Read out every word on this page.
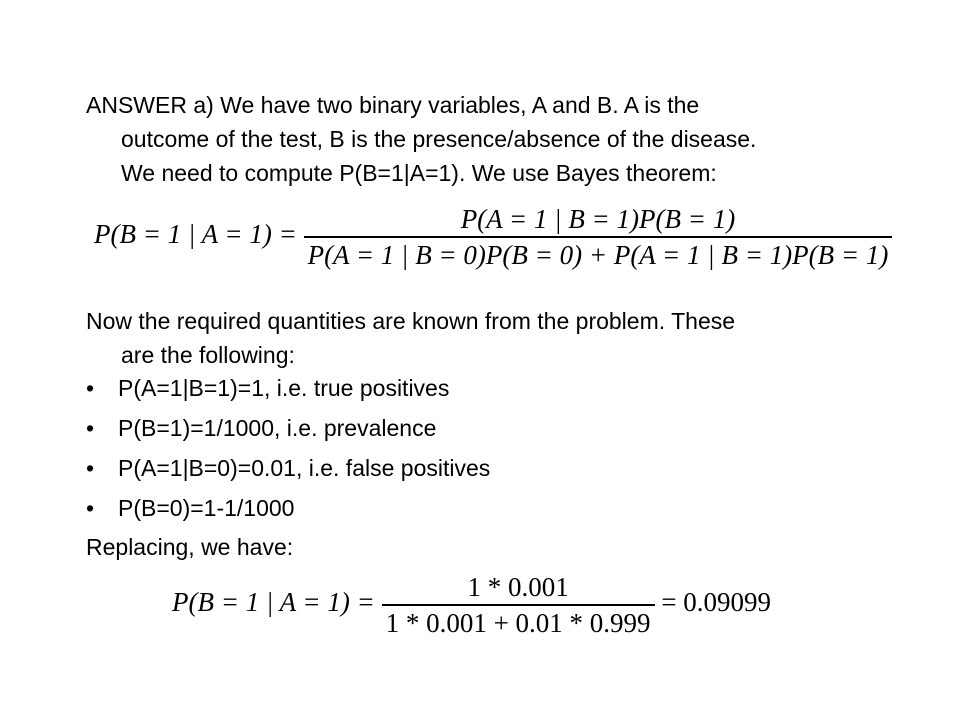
ANSWER a) We have two binary variables, A and B. A is the
outcome of the test, B is the presence/absence of the disease.
We need to compute P(B=1|A=1). We use Bayes theorem:

P(B = 1 | $A = 1) = \frac{P(A = 1 | B = 1)P(B = 1)}{P(A = 1 | B = 0)P(B = 0) + P(A = 1 | B = 1)P(B = 1)}$

Now the required quantities are known from the problem. These
are the following:

•	P(A=1|B=1)=1, i.e. true positives
•	P(B=1)=1/1000, i.e. prevalence
•	P(A=1|B=0)=0.01, i.e. false positives
•	P(B=0)=1-1/1000

Replacing, we have:

P(B = 1 | $A = 1) = \frac{1 * 0.001}{1 * 0.001 + 0.01 * 0.999} = 0.09099$
